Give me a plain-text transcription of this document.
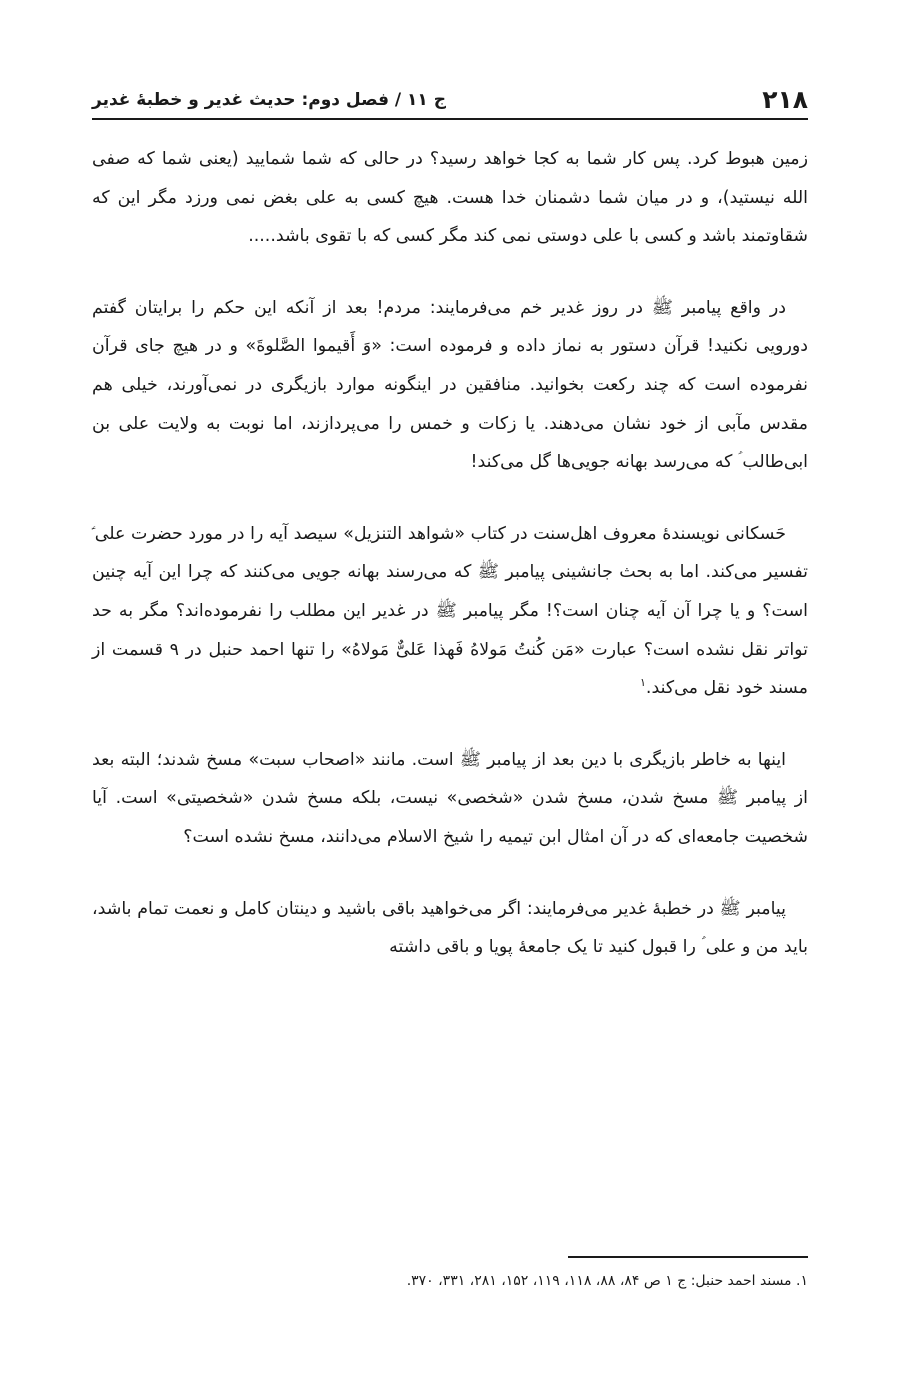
۲۱۸
ج ۱۱ / فصل دوم: حدیث غدیر و خطبهٔ غدیر

زمین هبوط کرد. پس کار شما به کجا خواهد رسید؟ در حالی که شما شمایید (یعنی شما که صفی الله نیستید)، و در میان شما دشمنان خدا هست. هیچ کسی به علی بغض نمی ورزد مگر این که شقاوتمند باشد و کسی با علی دوستی نمی کند مگر کسی که با تقوی باشد.....

در واقع پیامبر ﷺ در روز غدیر خم می‌فرمایند: مردم! بعد از آنکه این حکم را برایتان گفتم دورویی نکنید! قرآن دستور به نماز داده و فرموده است: «وَ أَقیموا الصَّلوةَ» و در هیچ جای قرآن نفرموده است که چند رکعت بخوانید. منافقین در اینگونه موارد بازیگری در نمی‌آورند، خیلی هم مقدس مآبی از خود نشان می‌دهند. یا زکات و خمس را می‌پردازند، اما نوبت به ولایت علی بن ابی‌طالب ؑ که می‌رسد بهانه جویی‌ها گل می‌کند!

حَسکانی نویسندهٔ معروف اهل‌سنت در کتاب «شواهد التنزیل» سیصد آیه را در مورد حضرت علی ؑ تفسیر می‌کند. اما به بحث جانشینی پیامبر ﷺ که می‌رسند بهانه جویی می‌کنند که چرا این آیه چنین است؟ و یا چرا آن آیه چنان است؟! مگر پیامبر ﷺ در غدیر این مطلب را نفرموده‌اند؟ مگر به حد تواتر نقل نشده است؟ عبارت «مَن کُنتُ مَولاهُ فَهذا عَلیٌّ مَولاهُ» را تنها احمد حنبل در ۹ قسمت از مسند خود نقل می‌کند.$^۱$

اینها به خاطر بازیگری با دین بعد از پیامبر ﷺ است. مانند «اصحاب سبت» مسخ شدند؛ البته بعد از پیامبر ﷺ مسخ شدن، مسخ شدن «شخصی» نیست، بلکه مسخ شدن «شخصیتی» است. آیا شخصیت جامعه‌ای که در آن امثال ابن تیمیه را شیخ الاسلام می‌دانند، مسخ نشده است؟

پیامبر ﷺ در خطبهٔ غدیر می‌فرمایند: اگر می‌خواهید باقی باشید و دینتان کامل و نعمت تمام باشد، باید من و علی ؑ را قبول کنید تا یک جامعهٔ پویا و باقی داشته

۱. مسند احمد حنبل: ج ۱ ص ۸۴، ۸۸، ۱۱۸، ۱۱۹، ۱۵۲، ۲۸۱، ۳۳۱، ۳۷۰.
